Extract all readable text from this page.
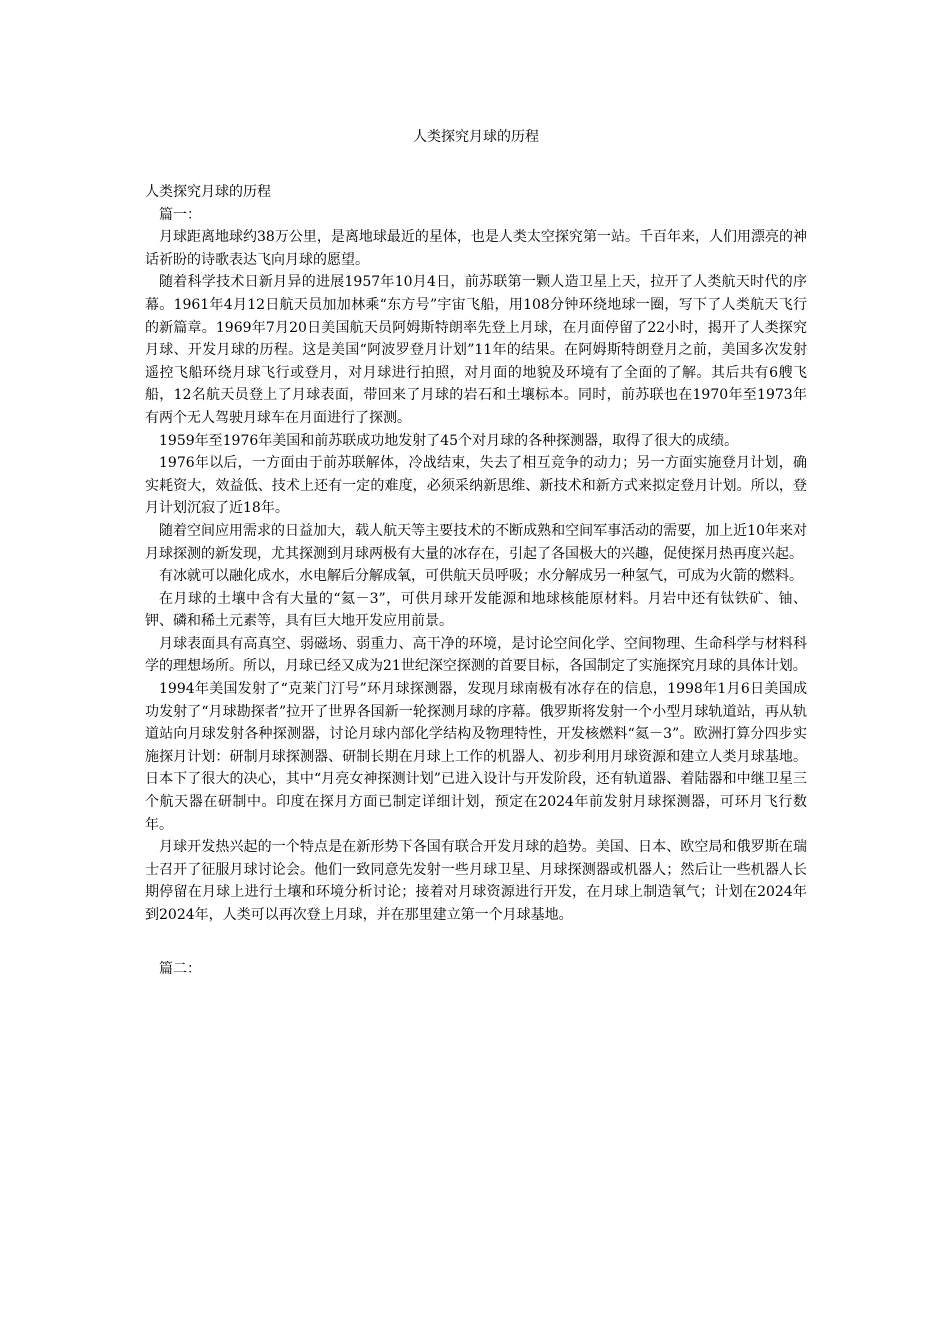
人类探究月球的历程

人类探究月球的历程

篇一：

月球距离地球约38万公里，是离地球最近的星体，也是人类太空探究第一站。千百年来，人们用漂亮的神话祈盼的诗歌表达飞向月球的愿望。

随着科学技术日新月异的进展1957年10月4日，前苏联第一颗人造卫星上天，拉开了人类航天时代的序幕。1961年4月12日航天员加加林乘“东方号”宇宙飞船，用108分钟环绕地球一圈，写下了人类航天飞行的新篇章。1969年7月20日美国航天员阿姆斯特朗率先登上月球，在月面停留了22小时，揭开了人类探究月球、开发月球的历程。这是美国“阿波罗登月计划”11年的结果。在阿姆斯特朗登月之前，美国多次发射遥控飞船环绕月球飞行或登月，对月球进行拍照，对月面的地貌及环境有了全面的了解。其后共有6艘飞船，12名航天员登上了月球表面，带回来了月球的岩石和土壤标本。同时，前苏联也在1970年至1973年有两个无人驾驶月球车在月面进行了探测。

1959年至1976年美国和前苏联成功地发射了45个对月球的各种探测器，取得了很大的成绩。

1976年以后，一方面由于前苏联解体，冷战结束，失去了相互竞争的动力；另一方面实施登月计划，确实耗资大，效益低、技术上还有一定的难度，必须采纳新思维、新技术和新方式来拟定登月计划。所以，登月计划沉寂了近18年。

随着空间应用需求的日益加大，载人航天等主要技术的不断成熟和空间军事活动的需要，加上近10年来对月球探测的新发现，尤其探测到月球两极有大量的冰存在，引起了各国极大的兴趣，促使探月热再度兴起。

有冰就可以融化成水，水电解后分解成氧，可供航天员呼吸；水分解成另一种氢气，可成为火箭的燃料。

在月球的土壤中含有大量的“氦－3”，可供月球开发能源和地球核能原材料。月岩中还有钛铁矿、铀、钾、磷和稀土元素等，具有巨大地开发应用前景。

月球表面具有高真空、弱磁场、弱重力、高干净的环境，是讨论空间化学、空间物理、生命科学与材料科学的理想场所。所以，月球已经又成为21世纪深空探测的首要目标，各国制定了实施探究月球的具体计划。

1994年美国发射了“克莱门汀号”环月球探测器，发现月球南极有冰存在的信息，1998年1月6日美国成功发射了“月球勘探者”拉开了世界各国新一轮探测月球的序幕。俄罗斯将发射一个小型月球轨道站，再从轨道站向月球发射各种探测器，讨论月球内部化学结构及物理特性，开发核燃料“氦－3”。欧洲打算分四步实施探月计划：研制月球探测器、研制长期在月球上工作的机器人、初步利用月球资源和建立人类月球基地。日本下了很大的决心，其中“月亮女神探测计划”已进入设计与开发阶段，还有轨道器、着陆器和中继卫星三个航天器在研制中。印度在探月方面已制定详细计划，预定在2024年前发射月球探测器，可环月飞行数年。

月球开发热兴起的一个特点是在新形势下各国有联合开发月球的趋势。美国、日本、欧空局和俄罗斯在瑞士召开了征服月球讨论会。他们一致同意先发射一些月球卫星、月球探测器或机器人；然后让一些机器人长期停留在月球上进行土壤和环境分析讨论；接着对月球资源进行开发，在月球上制造氧气；计划在2024年到2024年，人类可以再次登上月球，并在那里建立第一个月球基地。

篇二：
